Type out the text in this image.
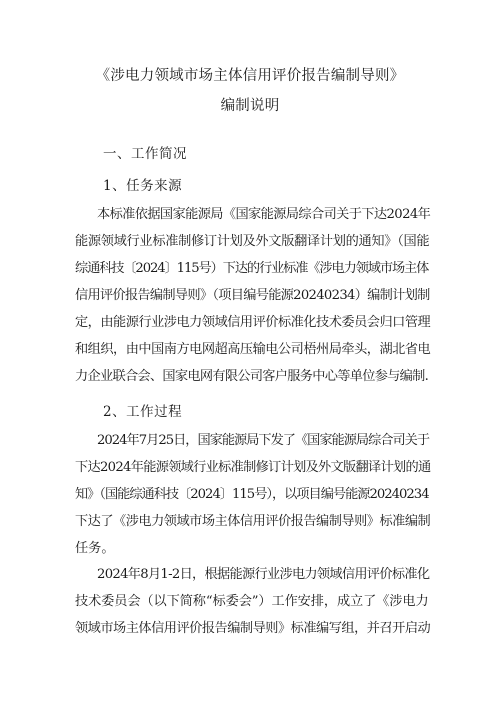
《涉电力领域市场主体信用评价报告编制导则》
编制说明
一、工作简况
1、任务来源
本标准依据国家能源局《国家能源局综合司关于下达2024年
能源领域行业标准制修订计划及外文版翻译计划的通知》（国能
综通科技〔2024〕115号）下达的行业标准《涉电力领域市场主体
信用评价报告编制导则》（项目编号能源20240234）编制计划制
定，由能源行业涉电力领域信用评价标准化技术委员会归口管理
和组织，由中国南方电网超高压输电公司梧州局牵头，湖北省电
力企业联合会、国家电网有限公司客户服务中心等单位参与编制.
2、工作过程
2024年7月25日，国家能源局下发了《国家能源局综合司关于
下达2024年能源领域行业标准制修订计划及外文版翻译计划的通
知》（国能综通科技〔2024〕115号），以项目编号能源20240234
下达了《涉电力领域市场主体信用评价报告编制导则》标准编制
任务。
2024年8月1-2日，根据能源行业涉电力领域信用评价标准化
技术委员会（以下简称“标委会”）工作安排，成立了《涉电力
领域市场主体信用评价报告编制导则》标准编写组，并召开启动
